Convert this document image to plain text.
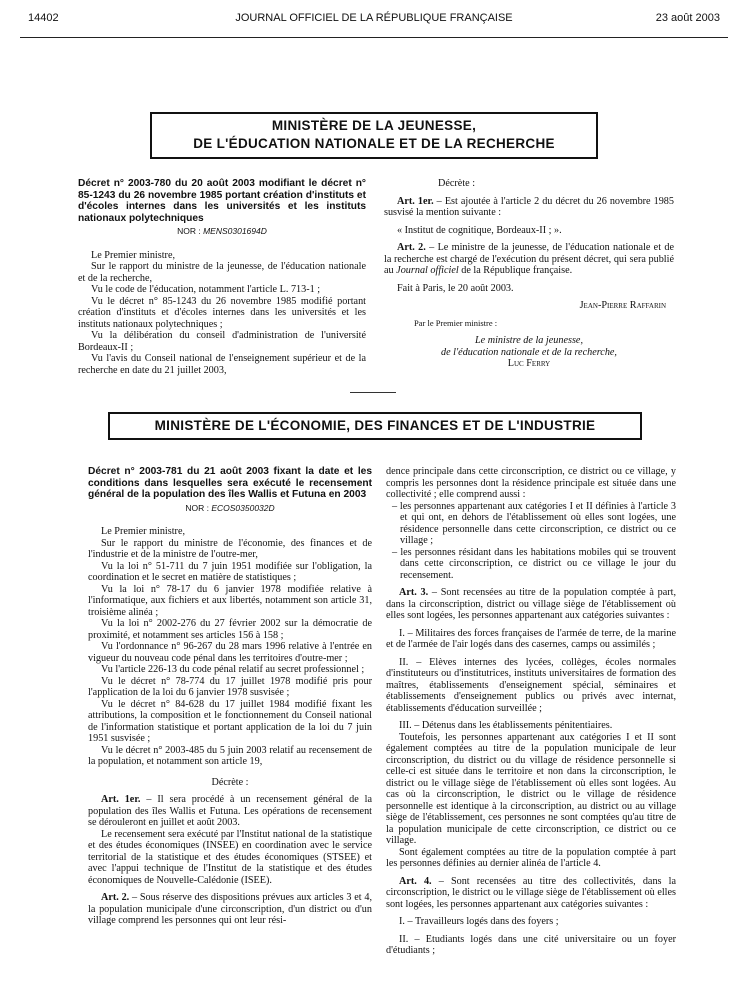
14402	JOURNAL OFFICIEL DE LA RÉPUBLIQUE FRANÇAISE	23 août 2003
MINISTÈRE DE LA JEUNESSE,
DE L'ÉDUCATION NATIONALE ET DE LA RECHERCHE

Décret n° 2003-780 du 20 août 2003 modifiant le décret n° 85-1243 du 26 novembre 1985 portant création d'instituts et d'écoles internes dans les universités et les instituts nationaux polytechniques

NOR : MENS0301694D

Le Premier ministre,

Sur le rapport du ministre de la jeunesse, de l'éducation nationale et de la recherche,

Vu le code de l'éducation, notamment l'article L. 713-1 ;

Vu le décret n° 85-1243 du 26 novembre 1985 modifié portant création d'instituts et d'écoles internes dans les universités et les instituts nationaux polytechniques ;

Vu la délibération du conseil d'administration de l'université Bordeaux-II ;

Vu l'avis du Conseil national de l'enseignement supérieur et de la recherche en date du 21 juillet 2003,

Décrète :

Art. 1er. – Est ajoutée à l'article 2 du décret du 26 novembre 1985 susvisé la mention suivante :

« Institut de cognitique, Bordeaux-II ; ».

Art. 2. – Le ministre de la jeunesse, de l'éducation nationale et de la recherche est chargé de l'exécution du présent décret, qui sera publié au Journal officiel de la République française.

Fait à Paris, le 20 août 2003.

Jean-Pierre Raffarin

Par le Premier ministre :

Le ministre de la jeunesse,

de l'éducation nationale et de la recherche,

Luc Ferry

MINISTÈRE DE L'ÉCONOMIE, DES FINANCES ET DE L'INDUSTRIE

Décret n° 2003-781 du 21 août 2003 fixant la date et les conditions dans lesquelles sera exécuté le recensement général de la population des îles Wallis et Futuna en 2003

NOR : ECOS0350032D

Le Premier ministre,

Sur le rapport du ministre de l'économie, des finances et de l'industrie et de la ministre de l'outre-mer,

Vu la loi n° 51-711 du 7 juin 1951 modifiée sur l'obligation, la coordination et le secret en matière de statistiques ;

Vu la loi n° 78-17 du 6 janvier 1978 modifiée relative à l'informatique, aux fichiers et aux libertés, notamment son article 31, troisième alinéa ;

Vu la loi n° 2002-276 du 27 février 2002 sur la démocratie de proximité, et notamment ses articles 156 à 158 ;

Vu l'ordonnance n° 96-267 du 28 mars 1996 relative à l'entrée en vigueur du nouveau code pénal dans les territoires d'outre-mer ;

Vu l'article 226-13 du code pénal relatif au secret professionnel ;

Vu le décret n° 78-774 du 17 juillet 1978 modifié pris pour l'application de la loi du 6 janvier 1978 susvisée ;

Vu le décret n° 84-628 du 17 juillet 1984 modifié fixant les attributions, la composition et le fonctionnement du Conseil national de l'information statistique et portant application de la loi du 7 juin 1951 susvisée ;

Vu le décret n° 2003-485 du 5 juin 2003 relatif au recensement de la population, et notamment son article 19,

Décrète :

Art. 1er. – Il sera procédé à un recensement général de la population des îles Wallis et Futuna. Les opérations de recensement se dérouleront en juillet et août 2003.

Le recensement sera exécuté par l'Institut national de la statistique et des études économiques (INSEE) en coordination avec le service territorial de la statistique et des études économiques (STSEE) et avec l'appui technique de l'Institut de la statistique et des études économiques de Nouvelle-Calédonie (ISEE).

Art. 2. – Sous réserve des dispositions prévues aux articles 3 et 4, la population municipale d'une circonscription, d'un district ou d'un village comprend les personnes qui ont leur rési-

dence principale dans cette circonscription, ce district ou ce village, y compris les personnes dont la résidence principale est située dans une collectivité ; elle comprend aussi :

– les personnes appartenant aux catégories I et II définies à l'article 3 et qui ont, en dehors de l'établissement où elles sont logées, une résidence personnelle dans cette circonscription, ce district ou ce village ;

– les personnes résidant dans les habitations mobiles qui se trouvent dans cette circonscription, ce district ou ce village le jour du recensement.

Art. 3. – Sont recensées au titre de la population comptée à part, dans la circonscription, district ou village siège de l'établissement où elles sont logées, les personnes appartenant aux catégories suivantes :

I. – Militaires des forces françaises de l'armée de terre, de la marine et de l'armée de l'air logés dans des casernes, camps ou assimilés ;

II. – Elèves internes des lycées, collèges, écoles normales d'instituteurs ou d'institutrices, instituts universitaires de formation des maîtres, établissements d'enseignement spécial, séminaires et établissements d'enseignement publics ou privés avec internat, établissements d'éducation surveillée ;

III. – Détenus dans les établissements pénitentiaires.

Toutefois, les personnes appartenant aux catégories I et II sont également comptées au titre de la population municipale de leur circonscription, du district ou du village de résidence personnelle si celle-ci est située dans le territoire et non dans la circonscription, le district ou le village siège de l'établissement où elles sont logées. Au cas où la circonscription, le district ou le village de résidence personnelle est identique à la circonscription, au district ou au village siège de l'établissement, ces personnes ne sont comptées qu'au titre de la population municipale de cette circonscription, ce district ou ce village.

Sont également comptées au titre de la population comptée à part les personnes définies au dernier alinéa de l'article 4.

Art. 4. – Sont recensées au titre des collectivités, dans la circonscription, le district ou le village siège de l'établissement où elles sont logées, les personnes appartenant aux catégories suivantes :

I. – Travailleurs logés dans des foyers ;

II. – Etudiants logés dans une cité universitaire ou un foyer d'étudiants ;
